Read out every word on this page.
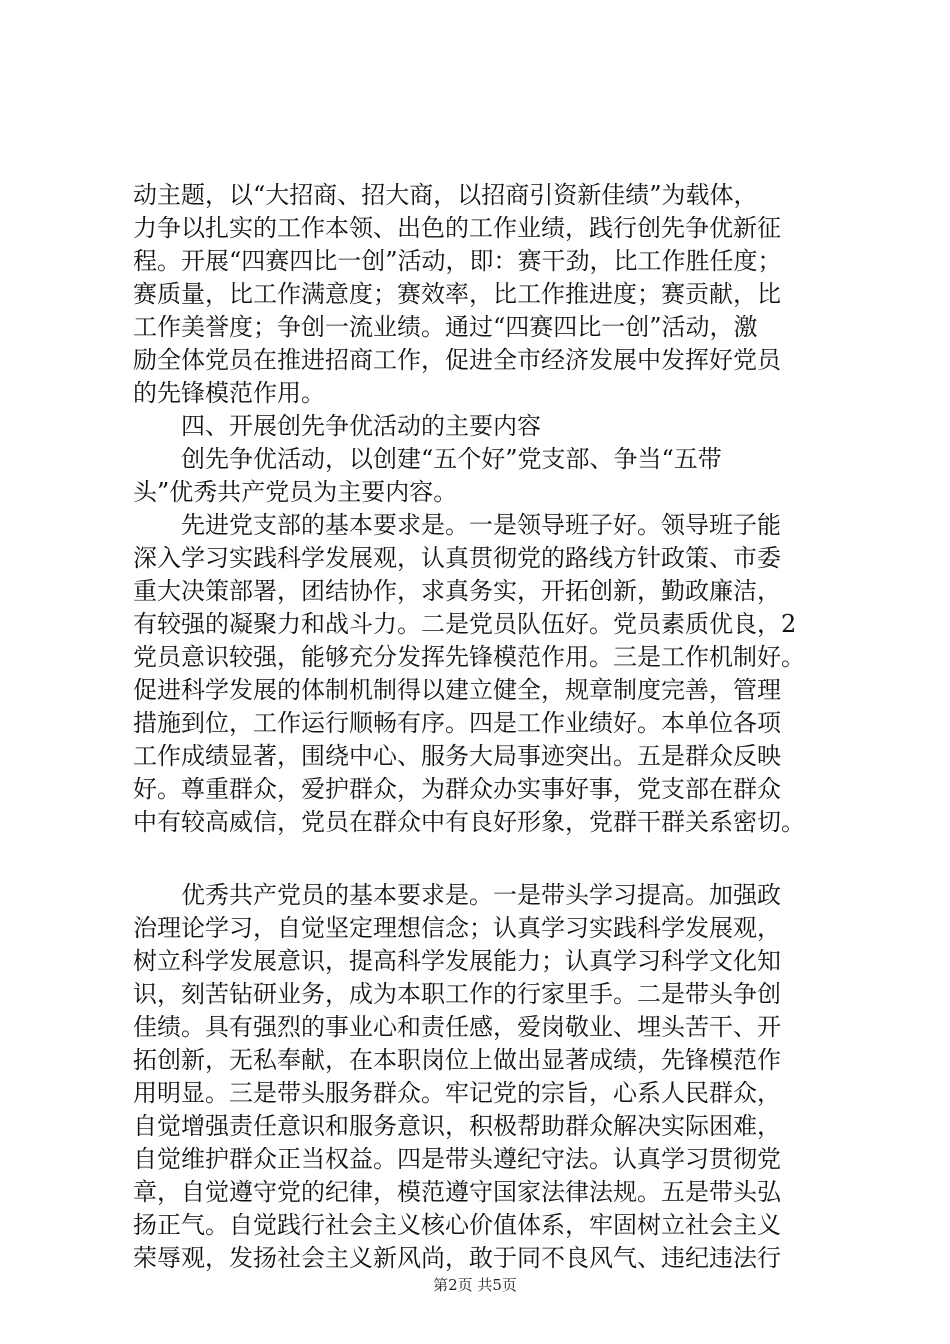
动主题，以“大招商、招大商，以招商引资新佳绩”为载体，
力争以扎实的工作本领、出色的工作业绩，践行创先争优新征
程。开展“四赛四比一创”活动，即：赛干劲，比工作胜任度；
赛质量，比工作满意度；赛效率，比工作推进度；赛贡献，比
工作美誉度；争创一流业绩。通过“四赛四比一创”活动，激
励全体党员在推进招商工作，促进全市经济发展中发挥好党员
的先锋模范作用。
　　四、开展创先争优活动的主要内容
　　创先争优活动，以创建“五个好”党支部、争当“五带
头”优秀共产党员为主要内容。
　　先进党支部的基本要求是。一是领导班子好。领导班子能
深入学习实践科学发展观，认真贯彻党的路线方针政策、市委
重大决策部署，团结协作，求真务实，开拓创新，勤政廉洁，
有较强的凝聚力和战斗力。二是党员队伍好。党员素质优良，2
党员意识较强，能够充分发挥先锋模范作用。三是工作机制好。
促进科学发展的体制机制得以建立健全，规章制度完善，管理
措施到位，工作运行顺畅有序。四是工作业绩好。本单位各项
工作成绩显著，围绕中心、服务大局事迹突出。五是群众反映
好。尊重群众，爱护群众，为群众办实事好事，党支部在群众
中有较高威信，党员在群众中有良好形象，党群干群关系密切。
　　优秀共产党员的基本要求是。一是带头学习提高。加强政
治理论学习，自觉坚定理想信念；认真学习实践科学发展观，
树立科学发展意识，提高科学发展能力；认真学习科学文化知
识，刻苦钻研业务，成为本职工作的行家里手。二是带头争创
佳绩。具有强烈的事业心和责任感，爱岗敬业、埋头苦干、开
拓创新，无私奉献，在本职岗位上做出显著成绩，先锋模范作
用明显。三是带头服务群众。牢记党的宗旨，心系人民群众，
自觉增强责任意识和服务意识，积极帮助群众解决实际困难，
自觉维护群众正当权益。四是带头遵纪守法。认真学习贯彻党
章，自觉遵守党的纪律，模范遵守国家法律法规。五是带头弘
扬正气。自觉践行社会主义核心价值体系，牢固树立社会主义
荣辱观，发扬社会主义新风尚，敢于同不良风气、违纪违法行
第2页 共5页
